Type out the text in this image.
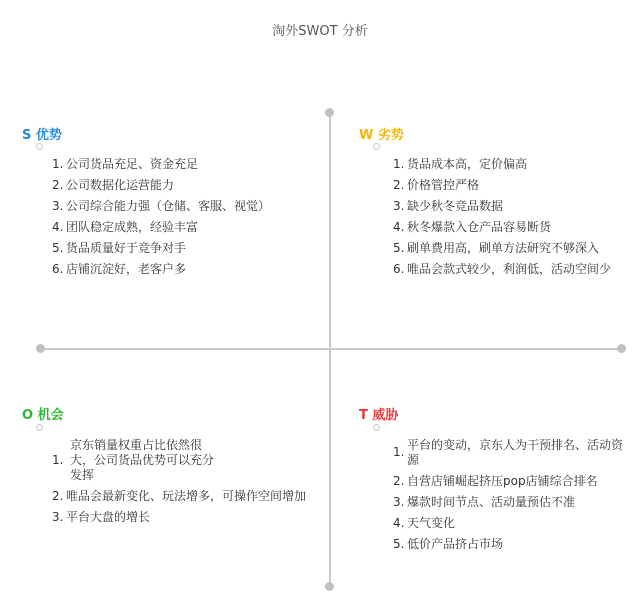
淘外SWOT 分析
S 优势
1 . 公司货品充足、资金充足
2 . 公司数据化运营能力
3 . 公司综合能力强（仓储、客服、视觉）
4 . 团队稳定成熟，经验丰富
5 . 货品质量好于竞争对手
6 . 店铺沉淀好，老客户多
W 劣势
1 . 货品成本高，定价偏高
2 . 价格管控严格
3 . 缺少秋冬竞品数据
4 . 秋冬爆款入仓产品容易断货
5 . 刷单费用高，刷单方法研究不够深入
6 . 唯品会款式较少，利润低，活动空间少
O 机会
1 .
京东销量权重占比依然很大，公司货品优势可以充分发挥
2 . 唯品会最新变化、玩法增多，可操作空间增加
3 . 平台大盘的增长
T 威胁
1 . 平台的变动，京东人为干预排名、活动资源
2 . 自营店铺崛起挤压pop店铺综合排名
3 . 爆款时间节点、活动量预估不准
4 . 天气变化
5 . 低价产品挤占市场
